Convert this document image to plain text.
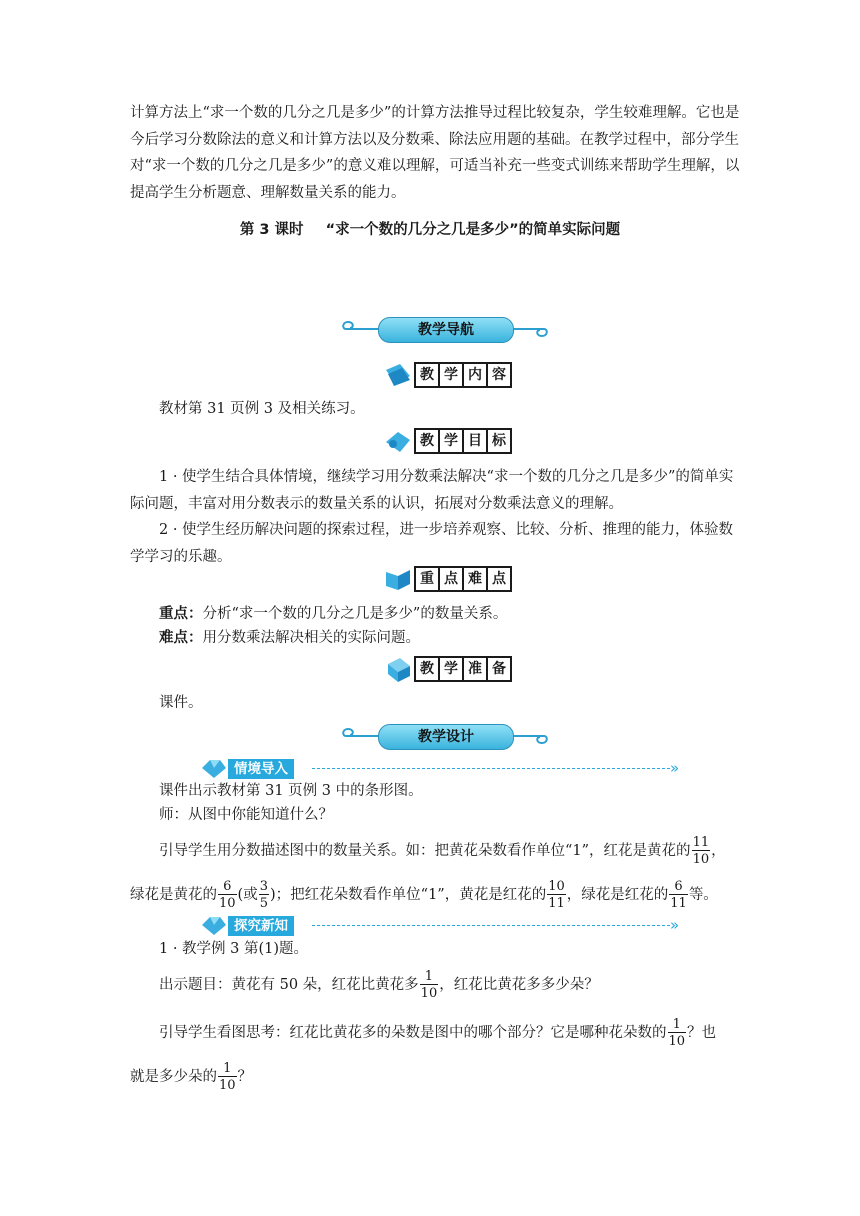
计算方法上“求一个数的几分之几是多少”的计算方法推导过程比较复杂，学生较难理解。它也是今后学习分数除法的意义和计算方法以及分数乘、除法应用题的基础。在教学过程中，部分学生对“求一个数的几分之几是多少”的意义难以理解，可适当补充一些变式训练来帮助学生理解，以提高学生分析题意、理解数量关系的能力。

第 3 课时 “求一个数的几分之几是多少”的简单实际问题
教学导航
教 学 内 容
教材第 31 页例 3 及相关练习。
教 学 目 标

1 · 使学生结合具体情境，继续学习用分数乘法解决“求一个数的几分之几是多少”的简单实际问题，丰富对用分数表示的数量关系的认识，拓展对分数乘法意义的理解。

2 · 使学生经历解决问题的探索过程，进一步培养观察、比较、分析、推理的能力，体验数学学习的乐趣。

重 点 难 点
重点：分析“求一个数的几分之几是多少”的数量关系。
难点：用分数乘法解决相关的实际问题。
教 学 准 备
课件。
教学设计
情境导入	»
课件出示教材第 31 页例 3 中的条形图。
师：从图中你能知道什么？
引导学生用分数描述图中的数量关系。如：把黄花朵数看作单位“1”，红花是黄花的 $\frac{11}{10}$ ，
绿花是黄花的 $\frac{6}{10}$ (或 $\frac{3}{5}$ )；把红花朵数看作单位“1”，黄花是红花的 $\frac{10}{11}$ ，绿花是红花的 $\frac{6}{11}$ 等。
探究新知	»
1 · 教学例 3 第(1)题。
出示题目：黄花有 50 朵，红花比黄花多 $\frac{1}{10}$ ，红花比黄花多多少朵？
引导学生看图思考：红花比黄花多的朵数是图中的哪个部分？它是哪种花朵数的 $\frac{1}{10}$ ？也
就是多少朵的 $\frac{1}{10}$ ？
